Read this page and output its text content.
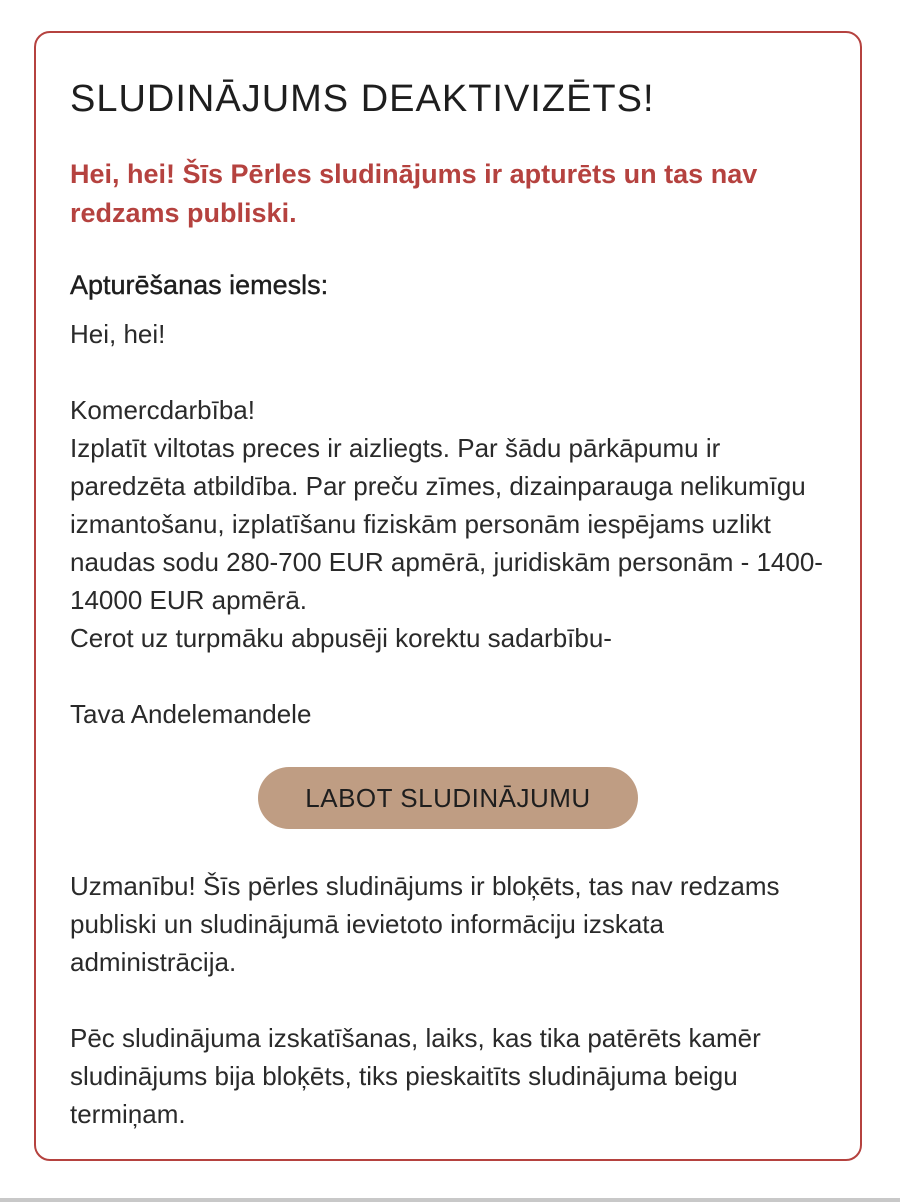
SLUDINĀJUMS DEAKTIVIZĒTS!
Hei, hei! Šīs Pērles sludinājums ir apturēts un tas nav redzams publiski.
Apturēšanas iemesls:

Hei, hei!

Komercdarbība!

Izplatīt viltotas preces ir aizliegts. Par šādu pārkāpumu ir paredzēta atbildība. Par preču zīmes, dizainparauga nelikumīgu izmantošanu, izplatīšanu fiziskām personām iespējams uzlikt naudas sodu 280-700 EUR apmērā, juridiskām personām - 1400-14000 EUR apmērā.

Cerot uz turpmāku abpusēji korektu sadarbību-

Tava Andelemandele

LABOT SLUDINĀJUMU

Uzmanību! Šīs pērles sludinājums ir bloķēts, tas nav redzams publiski un sludinājumā ievietoto informāciju izskata administrācija.

Pēc sludinājuma izskatīšanas, laiks, kas tika patērēts kamēr sludinājums bija bloķēts, tiks pieskaitīts sludinājuma beigu termiņam.
